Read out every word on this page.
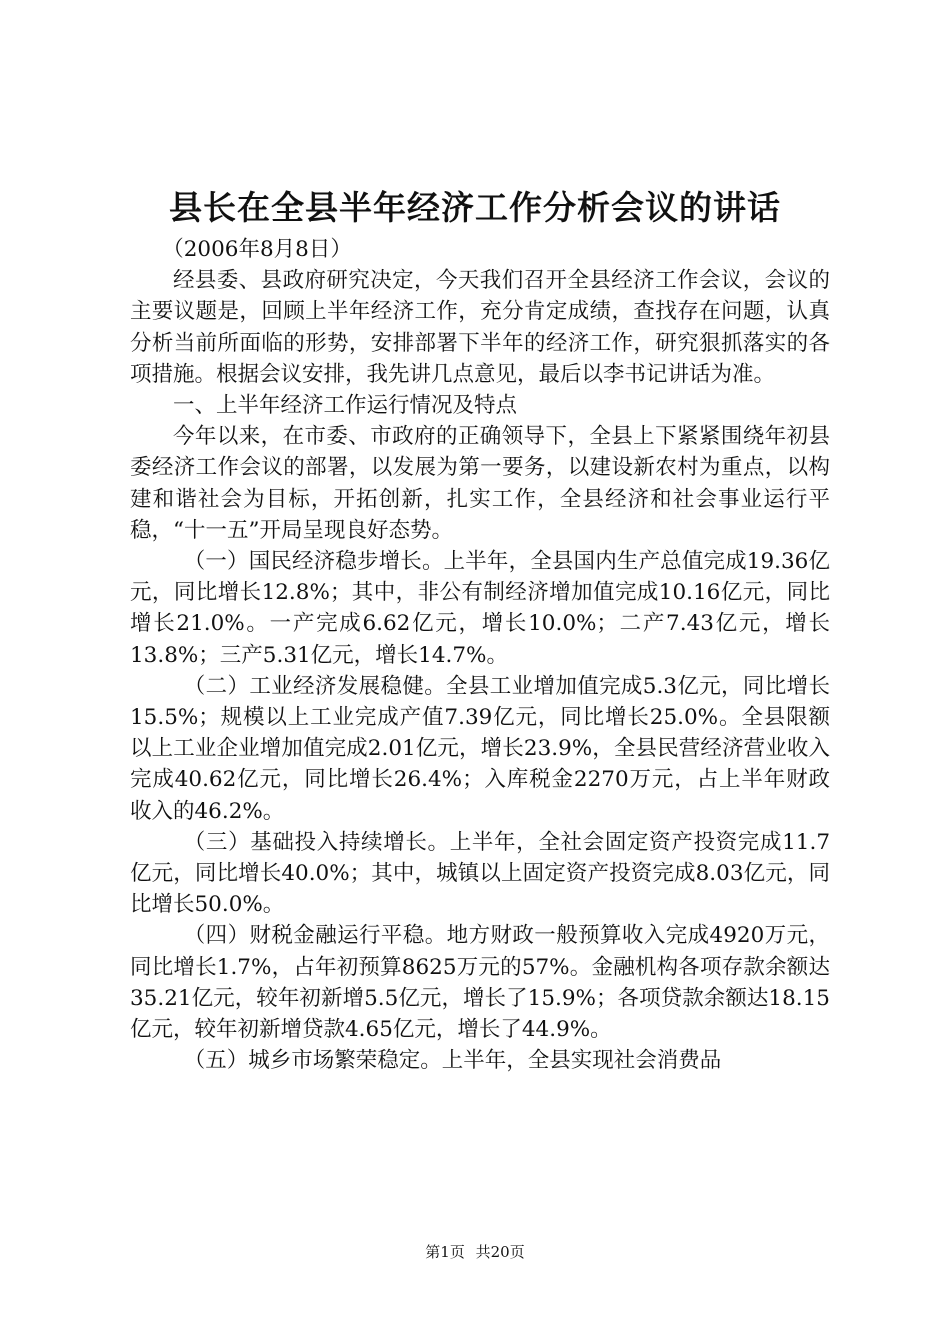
县长在全县半年经济工作分析会议的讲话

（2006年8月8日）

经县委、县政府研究决定，今天我们召开全县经济工作会议，会议的主要议题是，回顾上半年经济工作，充分肯定成绩，查找存在问题，认真分析当前所面临的形势，安排部署下半年的经济工作，研究狠抓落实的各项措施。根据会议安排，我先讲几点意见，最后以李书记讲话为准。

一、上半年经济工作运行情况及特点

今年以来，在市委、市政府的正确领导下，全县上下紧紧围绕年初县委经济工作会议的部署，以发展为第一要务，以建设新农村为重点，以构建和谐社会为目标，开拓创新，扎实工作，全县经济和社会事业运行平稳，“十一五”开局呈现良好态势。

（一）国民经济稳步增长。上半年，全县国内生产总值完成19.36亿元，同比增长12.8%；其中，非公有制经济增加值完成10.16亿元，同比增长21.0%。一产完成6.62亿元，增长10.0%；二产7.43亿元，增长13.8%；三产5.31亿元，增长14.7%。

（二）工业经济发展稳健。全县工业增加值完成5.3亿元，同比增长15.5%；规模以上工业完成产值7.39亿元，同比增长25.0%。全县限额以上工业企业增加值完成2.01亿元，增长23.9%，全县民营经济营业收入完成40.62亿元，同比增长26.4%；入库税金2270万元，占上半年财政收入的46.2%。

（三）基础投入持续增长。上半年，全社会固定资产投资完成11.7亿元，同比增长40.0%；其中，城镇以上固定资产投资完成8.03亿元，同比增长50.0%。

（四）财税金融运行平稳。地方财政一般预算收入完成4920万元，同比增长1.7%，占年初预算8625万元的57%。金融机构各项存款余额达35.21亿元，较年初新增5.5亿元，增长了15.9%；各项贷款余额达18.15亿元，较年初新增贷款4.65亿元，增长了44.9%。

（五）城乡市场繁荣稳定。上半年，全县实现社会消费品

第1页 共20页
